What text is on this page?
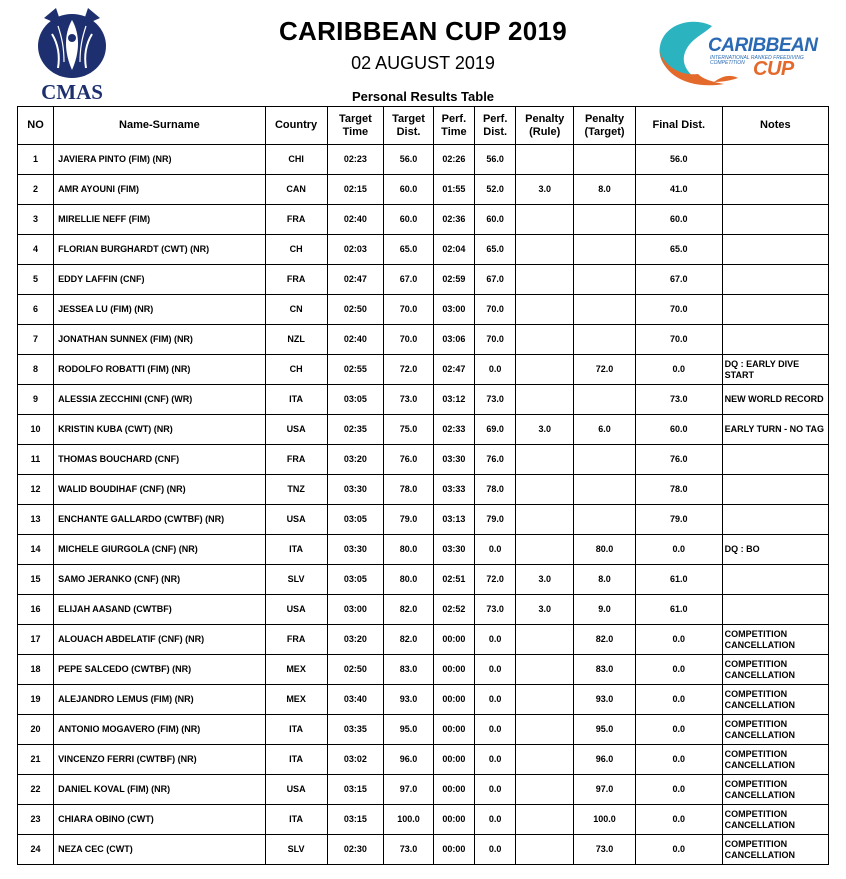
CMAS
CARIBBEAN CUP 2019
02 AUGUST 2019
Personal Results Table
CARIBBEAN
INTERNATIONAL RANKED FREEDIVING COMPETITION CUP
NO	Name-Surname	Country	Target Time	Target Dist.	Perf. Time	Perf. Dist.	Penalty (Rule)	Penalty (Target)	Final Dist.	Notes
1	JAVIERA PINTO (FIM) (NR)	CHI	02:23	56.0	02:26	56.0			56.0	
2	AMR AYOUNI (FIM)	CAN	02:15	60.0	01:55	52.0	3.0	8.0	41.0	
3	MIRELLIE NEFF (FIM)	FRA	02:40	60.0	02:36	60.0			60.0	
4	FLORIAN BURGHARDT (CWT) (NR)	CH	02:03	65.0	02:04	65.0			65.0	
5	EDDY LAFFIN (CNF)	FRA	02:47	67.0	02:59	67.0			67.0	
6	JESSEA LU (FIM) (NR)	CN	02:50	70.0	03:00	70.0			70.0	
7	JONATHAN SUNNEX (FIM) (NR)	NZL	02:40	70.0	03:06	70.0			70.0	
8	RODOLFO ROBATTI (FIM) (NR)	CH	02:55	72.0	02:47	0.0		72.0	0.0	DQ : EARLY DIVE START
9	ALESSIA ZECCHINI (CNF) (WR)	ITA	03:05	73.0	03:12	73.0			73.0	NEW WORLD RECORD
10	KRISTIN KUBA (CWT) (NR)	USA	02:35	75.0	02:33	69.0	3.0	6.0	60.0	EARLY TURN - NO TAG
11	THOMAS BOUCHARD (CNF)	FRA	03:20	76.0	03:30	76.0			76.0	
12	WALID BOUDIHAF (CNF) (NR)	TNZ	03:30	78.0	03:33	78.0			78.0	
13	ENCHANTE GALLARDO (CWTBF) (NR)	USA	03:05	79.0	03:13	79.0			79.0	
14	MICHELE GIURGOLA (CNF) (NR)	ITA	03:30	80.0	03:30	0.0		80.0	0.0	DQ : BO
15	SAMO JERANKO (CNF) (NR)	SLV	03:05	80.0	02:51	72.0	3.0	8.0	61.0	
16	ELIJAH AASAND (CWTBF)	USA	03:00	82.0	02:52	73.0	3.0	9.0	61.0	
17	ALOUACH ABDELATIF (CNF) (NR)	FRA	03:20	82.0	00:00	0.0		82.0	0.0	COMPETITION CANCELLATION
18	PEPE SALCEDO (CWTBF) (NR)	MEX	02:50	83.0	00:00	0.0		83.0	0.0	COMPETITION CANCELLATION
19	ALEJANDRO LEMUS (FIM) (NR)	MEX	03:40	93.0	00:00	0.0		93.0	0.0	COMPETITION CANCELLATION
20	ANTONIO MOGAVERO (FIM) (NR)	ITA	03:35	95.0	00:00	0.0		95.0	0.0	COMPETITION CANCELLATION
21	VINCENZO FERRI (CWTBF) (NR)	ITA	03:02	96.0	00:00	0.0		96.0	0.0	COMPETITION CANCELLATION
22	DANIEL KOVAL (FIM) (NR)	USA	03:15	97.0	00:00	0.0		97.0	0.0	COMPETITION CANCELLATION
23	CHIARA OBINO (CWT)	ITA	03:15	100.0	00:00	0.0		100.0	0.0	COMPETITION CANCELLATION
24	NEZA CEC (CWT)	SLV	02:30	73.0	00:00	0.0		73.0	0.0	COMPETITION CANCELLATION
